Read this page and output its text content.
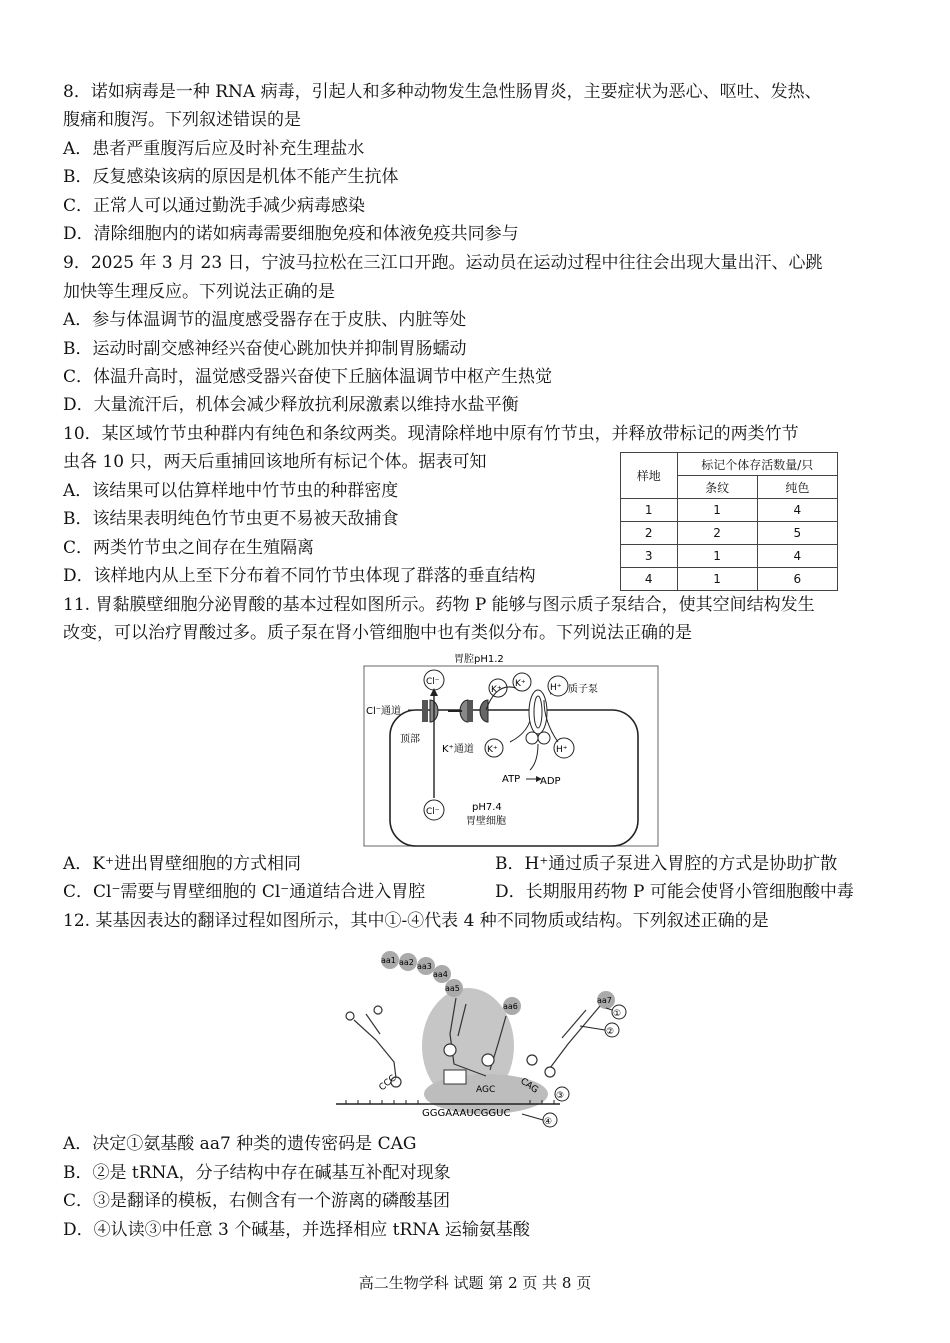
8．诺如病毒是一种 RNA 病毒，引起人和多种动物发生急性肠胃炎，主要症状为恶心、呕吐、发热、
腹痛和腹泻。下列叙述错误的是
A．患者严重腹泻后应及时补充生理盐水
B．反复感染该病的原因是机体不能产生抗体
C．正常人可以通过勤洗手减少病毒感染
D．清除细胞内的诺如病毒需要细胞免疫和体液免疫共同参与
9．2025 年 3 月 23 日，宁波马拉松在三江口开跑。运动员在运动过程中往往会出现大量出汗、心跳
加快等生理反应。下列说法正确的是
A．参与体温调节的温度感受器存在于皮肤、内脏等处
B．运动时副交感神经兴奋使心跳加快并抑制胃肠蠕动
C．体温升高时，温觉感受器兴奋使下丘脑体温调节中枢产生热觉
D．大量流汗后，机体会减少释放抗利尿激素以维持水盐平衡
10．某区域竹节虫种群内有纯色和条纹两类。现清除样地中原有竹节虫，并释放带标记的两类竹节
虫各 10 只，两天后重捕回该地所有标记个体。据表可知
A．该结果可以估算样地中竹节虫的种群密度
B．该结果表明纯色竹节虫更不易被天敌捕食
C．两类竹节虫之间存在生殖隔离
D．该样地内从上至下分布着不同竹节虫体现了群落的垂直结构
样地	标记个体存活数量/只	
	条纹	纯色
1	1	4
2	2	5
3	1	4
4	1	6
11. 胃黏膜壁细胞分泌胃酸的基本过程如图所示。药物 P 能够与图示质子泵结合，使其空间结构发生
改变，可以治疗胃酸过多。质子泵在肾小管细胞中也有类似分布。下列说法正确的是
胃腔pH1.2
Cl⁻通道
顶部
K⁺通道
Cl⁻
Cl⁻
K⁺
K⁺
K⁺
质子泵
H⁺
H⁺
ATP ADP
pH7.4
胃壁细胞
A．K⁺进出胃壁细胞的方式相同	B．H⁺通过质子泵进入胃腔的方式是协助扩散
C．Cl⁻需要与胃壁细胞的 Cl⁻通道结合进入胃腔	D．长期服用药物 P 可能会使肾小管细胞酸中毒
12. 某基因表达的翻译过程如图所示，其中①-④代表 4 种不同物质或结构。下列叙述正确的是
aa1 aa2 aa3
aa4
aa5
aa6
aa7
CCC	AGC	CAG
GGGAAAUCGGUC
①
②
③
④
A．决定①氨基酸 aa7 种类的遗传密码是 CAG
B．②是 tRNA，分子结构中存在碱基互补配对现象
C．③是翻译的模板，右侧含有一个游离的磷酸基团
D．④认读③中任意 3 个碱基，并选择相应 tRNA 运输氨基酸
高二生物学科 试题 第 2 页 共 8 页
